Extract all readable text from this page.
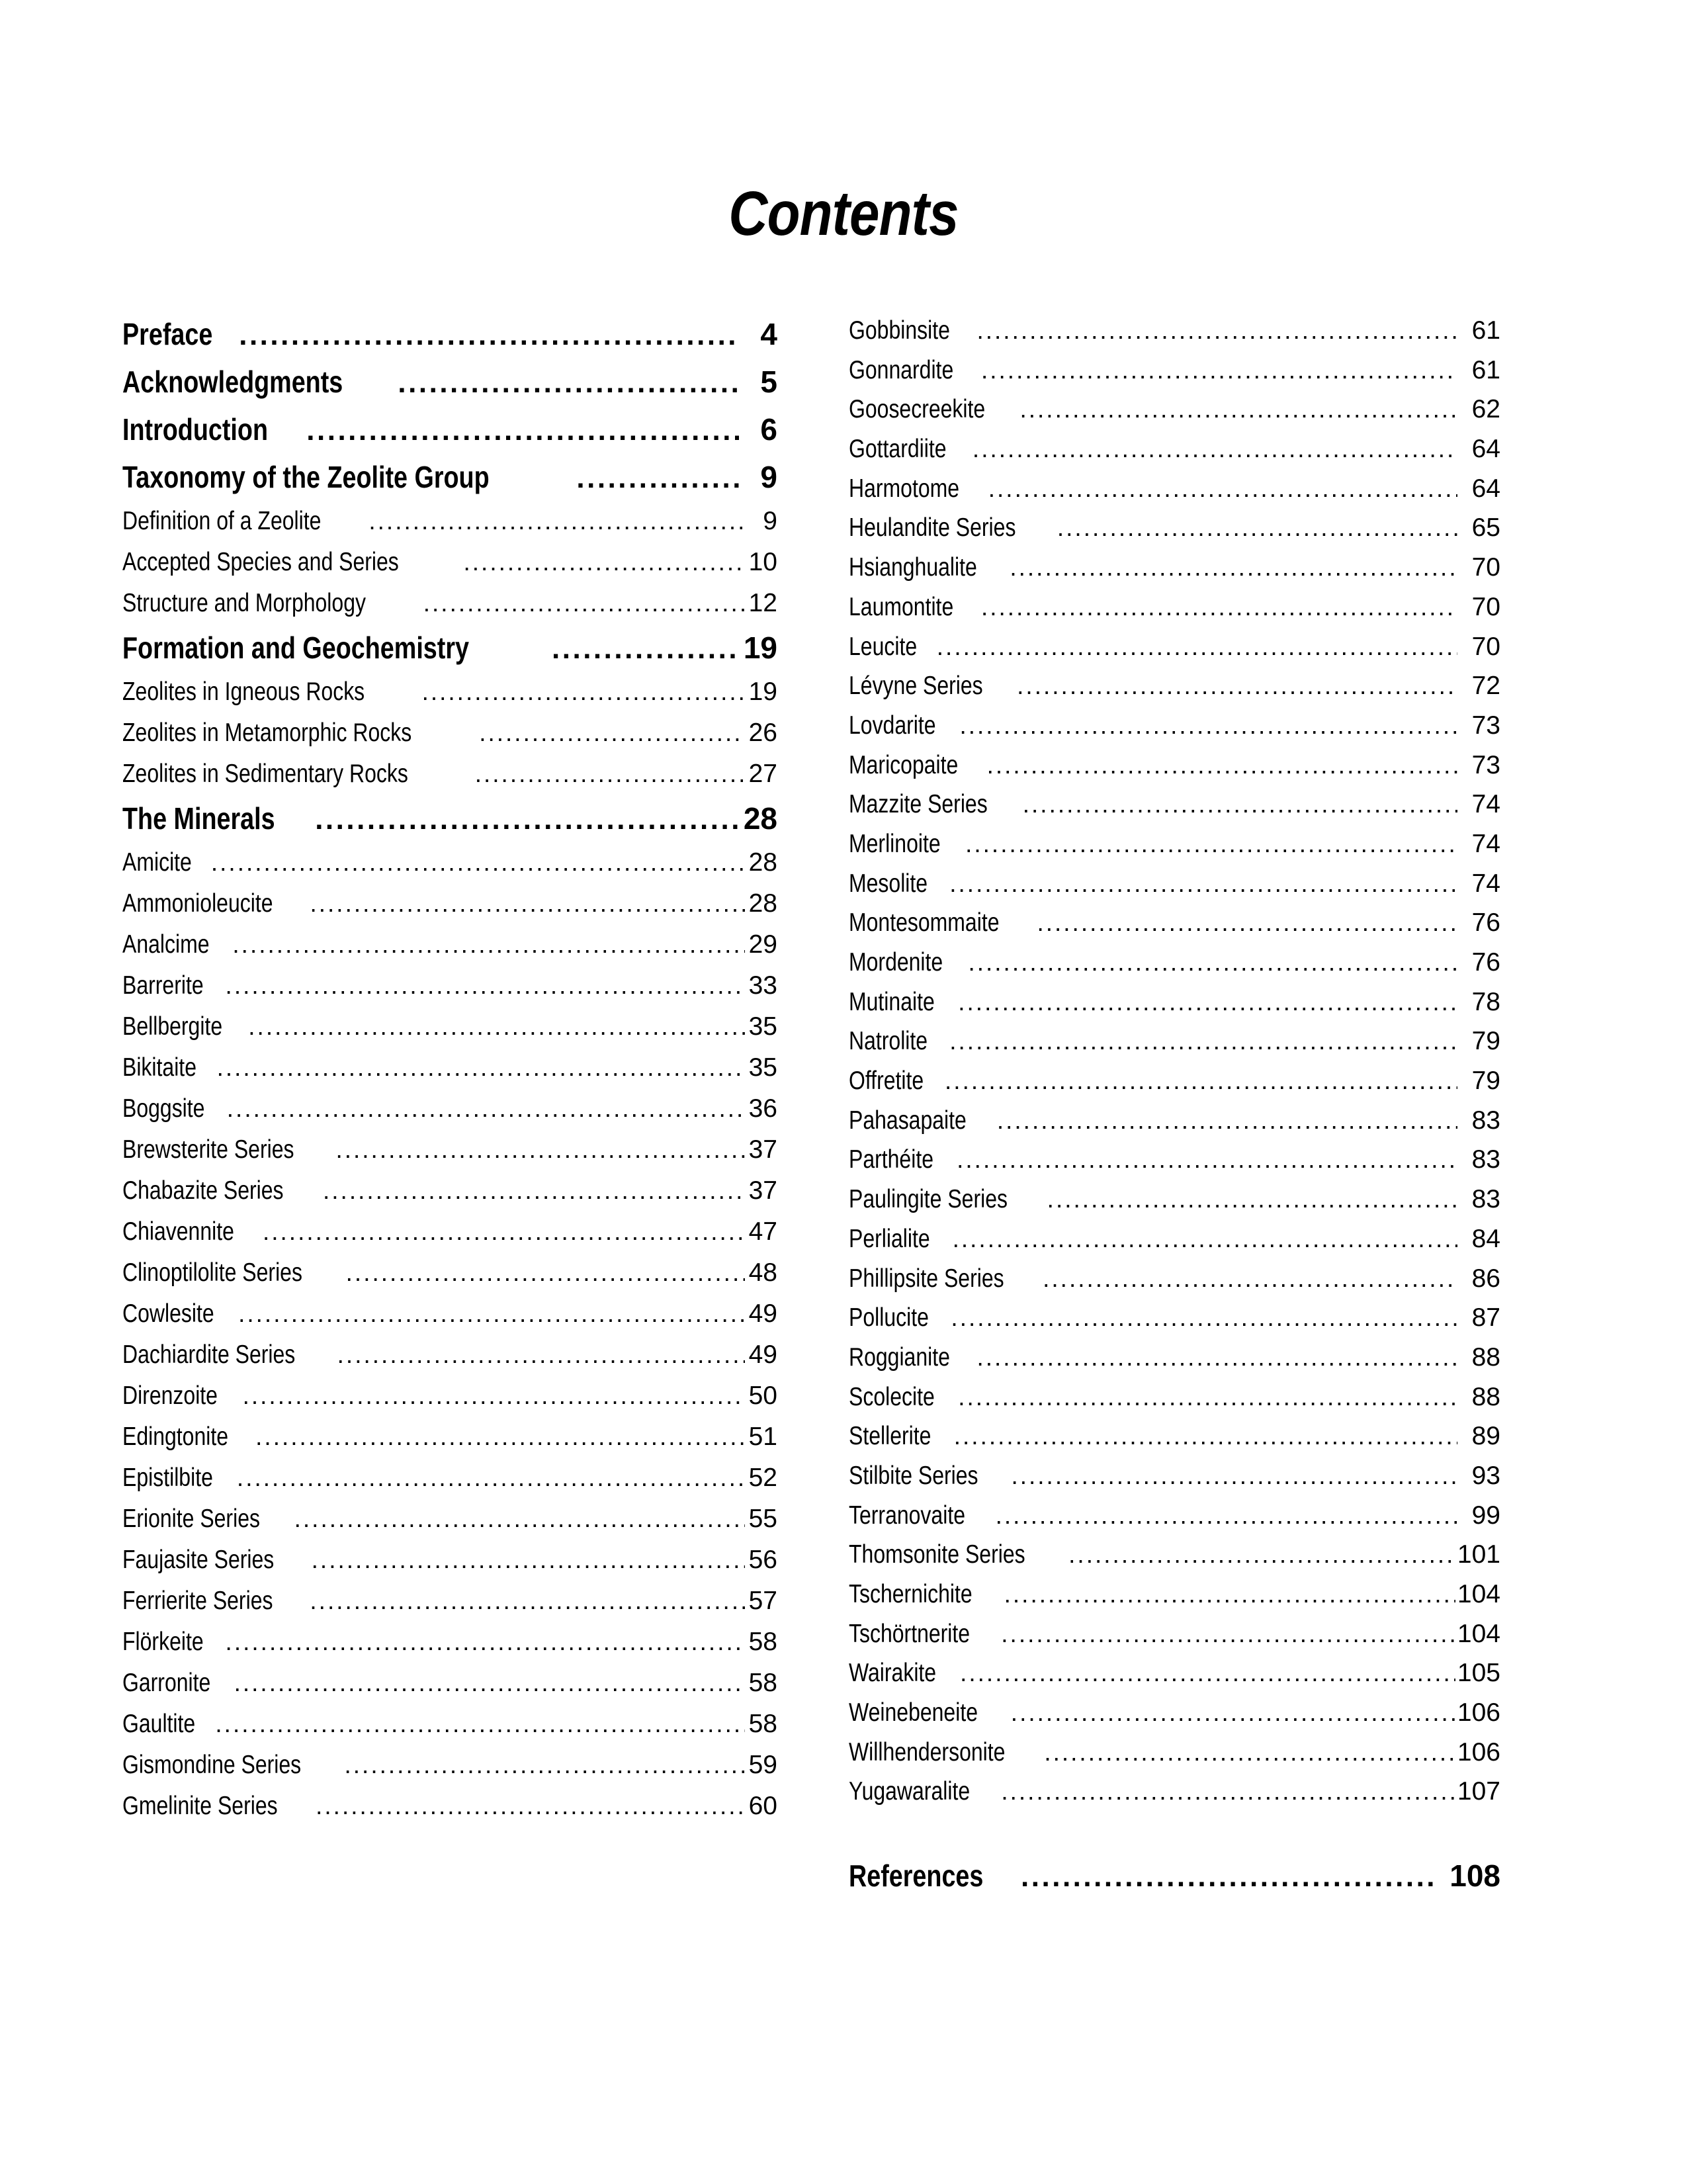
Contents
Preface .....	4
Acknowledgments .....	5
Introduction .....	6
Taxonomy of the Zeolite Group .....	9
Definition of a Zeolite .....	9
Accepted Species and Series .....	10
Structure and Morphology .....	12
Formation and Geochemistry .....	19
Zeolites in Igneous Rocks .....	19
Zeolites in Metamorphic Rocks .....	26
Zeolites in Sedimentary Rocks .....	27
The Minerals .....	28
Amicite .....	28
Ammonioleucite .....	28
Analcime .....	29
Barrerite .....	33
Bellbergite .....	35
Bikitaite .....	35
Boggsite .....	36
Brewsterite Series .....	37
Chabazite Series .....	37
Chiavennite .....	47
Clinoptilolite Series .....	48
Cowlesite .....	49
Dachiardite Series .....	49
Direnzoite .....	50
Edingtonite .....	51
Epistilbite .....	52
Erionite Series .....	55
Faujasite Series .....	56
Ferrierite Series .....	57
Flörkeite .....	58
Garronite .....	58
Gaultite .....	58
Gismondine Series .....	59
Gmelinite Series .....	60
Gobbinsite .....	61
Gonnardite .....	61
Goosecreekite .....	62
Gottardiite .....	64
Harmotome .....	64
Heulandite Series .....	65
Hsianghualite .....	70
Laumontite .....	70
Leucite .....	70
Lévyne Series .....	72
Lovdarite .....	73
Maricopaite .....	73
Mazzite Series .....	74
Merlinoite .....	74
Mesolite .....	74
Montesommaite .....	76
Mordenite .....	76
Mutinaite .....	78
Natrolite .....	79
Offretite .....	79
Pahasapaite .....	83
Parthéite .....	83
Paulingite Series .....	83
Perlialite .....	84
Phillipsite Series .....	86
Pollucite .....	87
Roggianite .....	88
Scolecite .....	88
Stellerite .....	89
Stilbite Series .....	93
Terranovaite .....	99
Thomsonite Series .....	101
Tschernichite .....	104
Tschörtnerite .....	104
Wairakite .....	105
Weinebeneite .....	106
Willhendersonite .....	106
Yugawaralite .....	107
References .....	108
